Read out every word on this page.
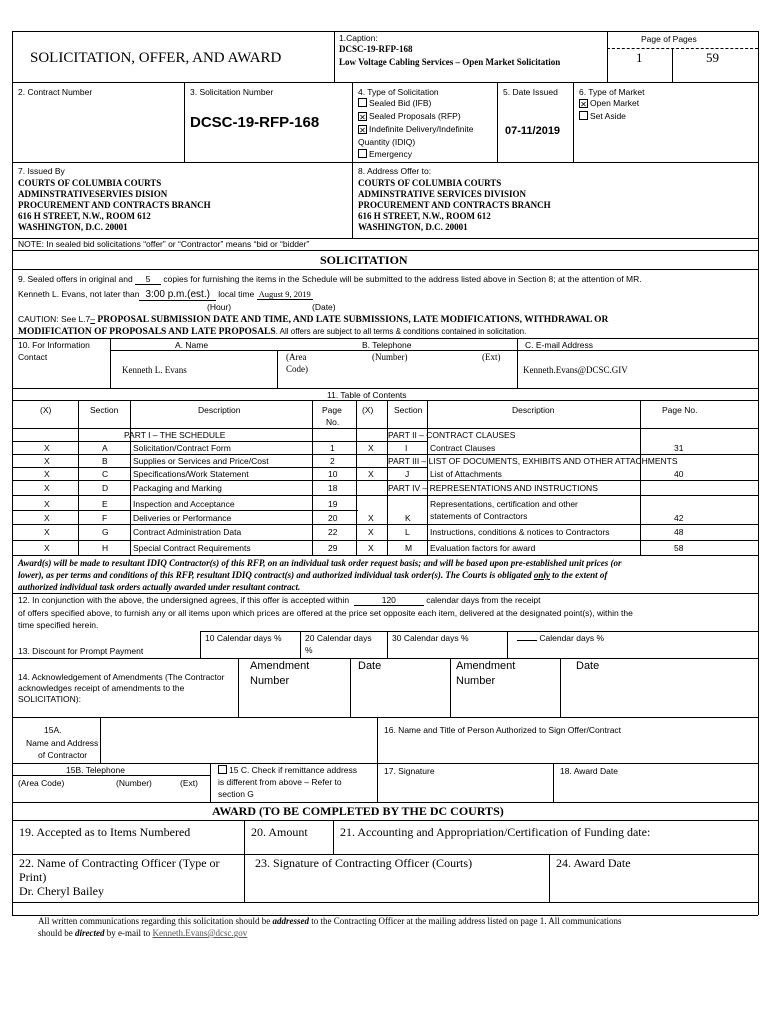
SOLICITATION, OFFER, AND AWARD
1.Caption:
DCSC-19-RFP-168
Low Voltage Cabling Services – Open Market Solicitation
Page of Pages
1	59
2. Contract Number	3. Solicitation Number
DCSC-19-RFP-168
4. Type of Solicitation
Sealed Bid (IFB)
✕Sealed Proposals (RFP)
✕Indefinite Delivery/Indefinite
Quantity (IDIQ)
Emergency
5. Date Issued
07-11/2019
6. Type of Market
✕Open Market
Set Aside
7. Issued By
COURTS OF COLUMBIA COURTS
ADMINSTRATIVESERVIES DISION
PROCUREMENT AND CONTRACTS BRANCH
616 H STREET, N.W., ROOM 612
WASHINGTON, D.C. 20001
8. Address Offer to:
COURTS OF COLUMBIA COURTS
ADMINSTRATIVE SERVICES DIVISION
PROCUREMENT AND CONTRACTS BRANCH
616 H STREET, N.W., ROOM 612
WASHINGTON, D.C. 20001
NOTE: In sealed bid solicitations “offer” or “Contractor” means “bid or “bidder”
SOLICITATION
9. Sealed offers in original and 5 copies for furnishing the items in the Schedule will be submitted to the address listed above in Section 8; at the attention of MR.
Kenneth L. Evans, not later than 3:00 p.m.(est.) local time August 9, 2019
(Hour)	(Date)
CAUTION: See L.7– PROPOSAL SUBMISSION DATE AND TIME, AND LATE SUBMISSIONS, LATE MODIFICATIONS, WITHDRAWAL OR
MODIFICATION OF PROPOSALS AND LATE PROPOSALS. All offers are subject to all terms & conditions contained in solicitation.
10. For Information
Contact
A. Name
Kenneth L. Evans
B. Telephone
(Area
Code)
(Number)	(Ext)
C. E-mail Address
Kenneth.Evans@DCSC.GIV
11. Table of Contents
(X)	Section	Description	Page
No.
(X) Section	Description	Page No.
PART I – THE SCHEDULE	PART II – CONTRACT CLAUSES
X	A	Solicitation/Contract Form	1
X	B	Supplies or Services and Price/Cost	2
X	C	Specifications/Work Statement	10
X	D	Packaging and Marking	18
X	E	Inspection and Acceptance	19
X	F	Deliveries or Performance	20
X	G	Contract Administration Data	22
X	H	Special Contract Requirements	29
X	I	Contract Clauses	31
PART III – LIST OF DOCUMENTS, EXHIBITS AND OTHER ATTACHMENTS
X	J List of Attachments	40
PART IV – REPRESENTATIONS AND INSTRUCTIONS
Representations, certification and other
X	K statements of Contractors	42
X	L Instructions, conditions & notices to Contractors	48
X	M Evaluation factors for award	58
Award(s) will be made to resultant IDIQ Contractor(s) of this RFP, on an individual task order request basis; and will be based upon pre-established unit prices (or
lower), as per terms and conditions of this RFP, resultant IDIQ contract(s) and authorized individual task order(s). The Courts is obligated only to the extent of
authorized individual task orders actually awarded under resultant contract.
12. In conjunction with the above, the undersigned agrees, if this offer is accepted within	120	calendar days from the receipt
of offers specified above, to furnish any or all items upon which prices are offered at the price set opposite each item, delivered at the designated point(s), within the
time specified herein.
13. Discount for Prompt Payment
10 Calendar days %	20 Calendar days
%
30 Calendar days %	Calendar days %
14. Acknowledgement of Amendments (The Contractor acknowledges receipt of amendments to the SOLICITATION):
Amendment
Number
Date	Amendment
Number
Date
15A.
Name and Address
of Contractor
16. Name and Title of Person Authorized to Sign Offer/Contract
15B. Telephone
(Area Code)	(Number)	(Ext)
15 C. Check if remittance address
is different from above – Refer to
section G
17. Signature	18. Award Date
AWARD (TO BE COMPLETED BY THE DC COURTS)
19. Accepted as to Items Numbered	20. Amount	21. Accounting and Appropriation/Certification of Funding date:
22. Name of Contracting Officer (Type or
Print)
Dr. Cheryl Bailey
23. Signature of Contracting Officer (Courts)	24. Award Date
All written communications regarding this solicitation should be addressed to the Contracting Officer at the mailing address listed on page 1. All communications
should be directed by e-mail to Kenneth.Evans@dcsc.gov
